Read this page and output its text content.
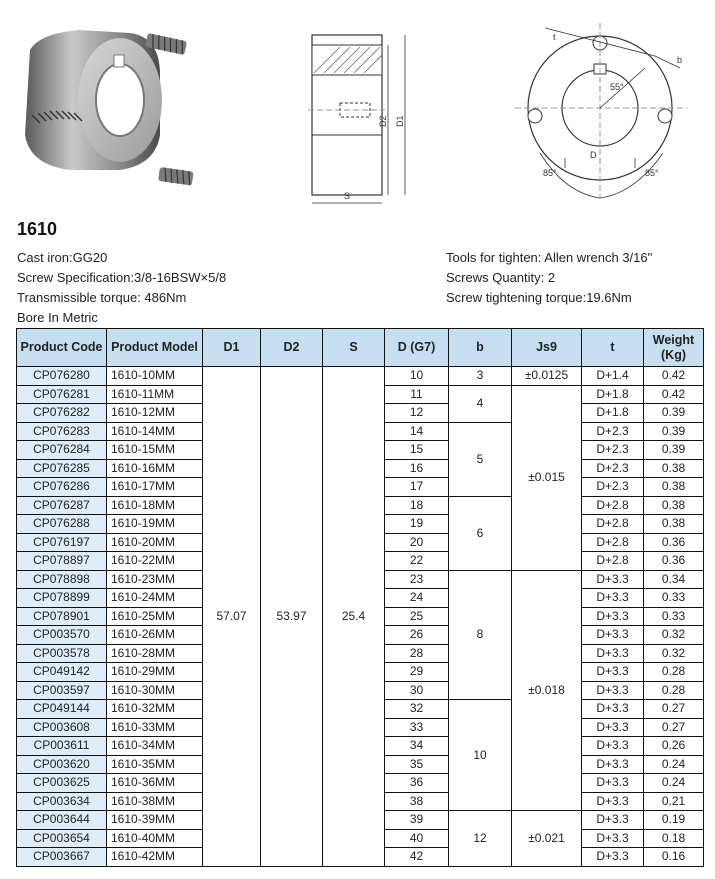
D2 D1
S
t
b
55°
D
85°	85°
1610
Cast iron:GG20
Screw Specification:3/8-16BSW×5/8
Transmissible torque: 486Nm
Bore In Metric
Tools for tighten: Allen wrench 3/16"
Screws Quantity: 2
Screw tightening torque:19.6Nm
Product Code	Product Model	D1	D2	S	D (G7)	b	Js9	t	Weight (Kg)
CP076280	1610-10MM	57.07	53.97	25.4	10	3	±0.0125	D+1.4	0.42
CP076281	1610-11MM				11	4	±0.015	D+1.8	0.42
CP076282	1610-12MM				12			D+1.8	0.39
CP076283	1610-14MM				14	5		D+2.3	0.39
CP076284	1610-15MM				15			D+2.3	0.39
CP076285	1610-16MM				16			D+2.3	0.38
CP076286	1610-17MM				17			D+2.3	0.38
CP076287	1610-18MM				18	6		D+2.8	0.38
CP076288	1610-19MM				19			D+2.8	0.38
CP076197	1610-20MM				20			D+2.8	0.36
CP078897	1610-22MM				22			D+2.8	0.36
CP078898	1610-23MM				23	8	±0.018	D+3.3	0.34
CP078899	1610-24MM				24			D+3.3	0.33
CP078901	1610-25MM				25			D+3.3	0.33
CP003570	1610-26MM				26			D+3.3	0.32
CP003578	1610-28MM				28			D+3.3	0.32
CP049142	1610-29MM				29			D+3.3	0.28
CP003597	1610-30MM				30			D+3.3	0.28
CP049144	1610-32MM				32	10		D+3.3	0.27
CP003608	1610-33MM				33			D+3.3	0.27
CP003611	1610-34MM				34			D+3.3	0.26
CP003620	1610-35MM				35			D+3.3	0.24
CP003625	1610-36MM				36			D+3.3	0.24
CP003634	1610-38MM				38			D+3.3	0.21
CP003644	1610-39MM				39	12	±0.021	D+3.3	0.19
CP003654	1610-40MM				40			D+3.3	0.18
CP003667	1610-42MM				42			D+3.3	0.16
